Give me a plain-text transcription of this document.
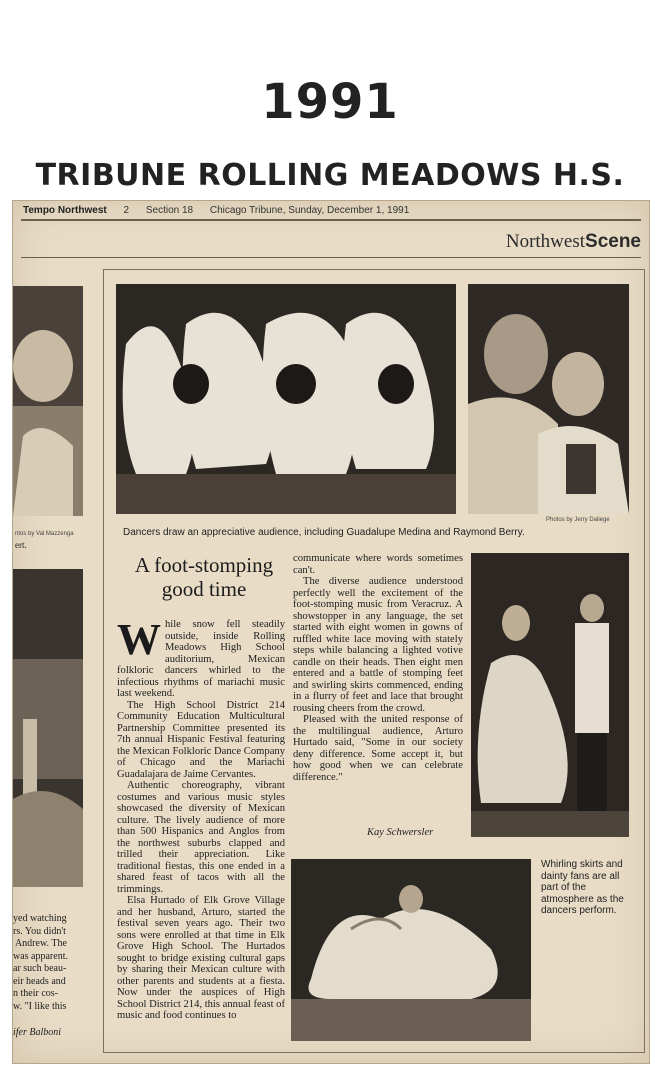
1991
TRIBUNE ROLLING MEADOWS H.S.
Tempo Northwest 2 Section 18 Chicago Tribune, Sunday, December 1, 1991
NorthwestScene
ntos by Val Mazzenga
ert.
yed watching
rs. You didn't
Andrew. The
was apparent.
ar such beau-
eir heads and
n their cos-
w. "I like this
ifer Balboni
Dancers draw an appreciative audience, including Guadalupe Medina and Raymond Berry.
Photos by Jerry Daliege
A foot-stomping good time

While snow fell steadily outside, inside Rolling Meadows High School auditorium, Mexican folkloric dancers whirled to the infectious rhythms of mariachi music last weekend.

The High School District 214 Community Education Multicultural Partnership Committee presented its 7th annual Hispanic Festival featuring the Mexican Folkloric Dance Company of Chicago and the Mariachi Guadalajara de Jaime Cervantes.

Authentic choreography, vibrant costumes and various music styles showcased the diversity of Mexican culture. The lively audience of more than 500 Hispanics and Anglos from the northwest suburbs clapped and trilled their appreciation. Like traditional fiestas, this one ended in a shared feast of tacos with all the trimmings.

Elsa Hurtado of Elk Grove Village and her husband, Arturo, started the festival seven years ago. Their two sons were enrolled at that time in Elk Grove High School. The Hurtados sought to bridge existing cultural gaps by sharing their Mexican culture with other parents and students at a fiesta. Now under the auspices of High School District 214, this annual feast of music and food continues to

communicate where words sometimes can't.

The diverse audience understood perfectly well the excitement of the foot-stomping music from Veracruz. A showstopper in any language, the set started with eight women in gowns of ruffled white lace moving with stately steps while balancing a lighted votive candle on their heads. Then eight men entered and a battle of stomping feet and swirling skirts commenced, ending in a flurry of feet and lace that brought rousing cheers from the crowd.

Pleased with the united response of the multilingual audience, Arturo Hurtado said, "Some in our society deny difference. Some accept it, but how good when we can celebrate difference."

Kay Schwersler
Whirling skirts and dainty fans are all part of the atmosphere as the dancers perform.
